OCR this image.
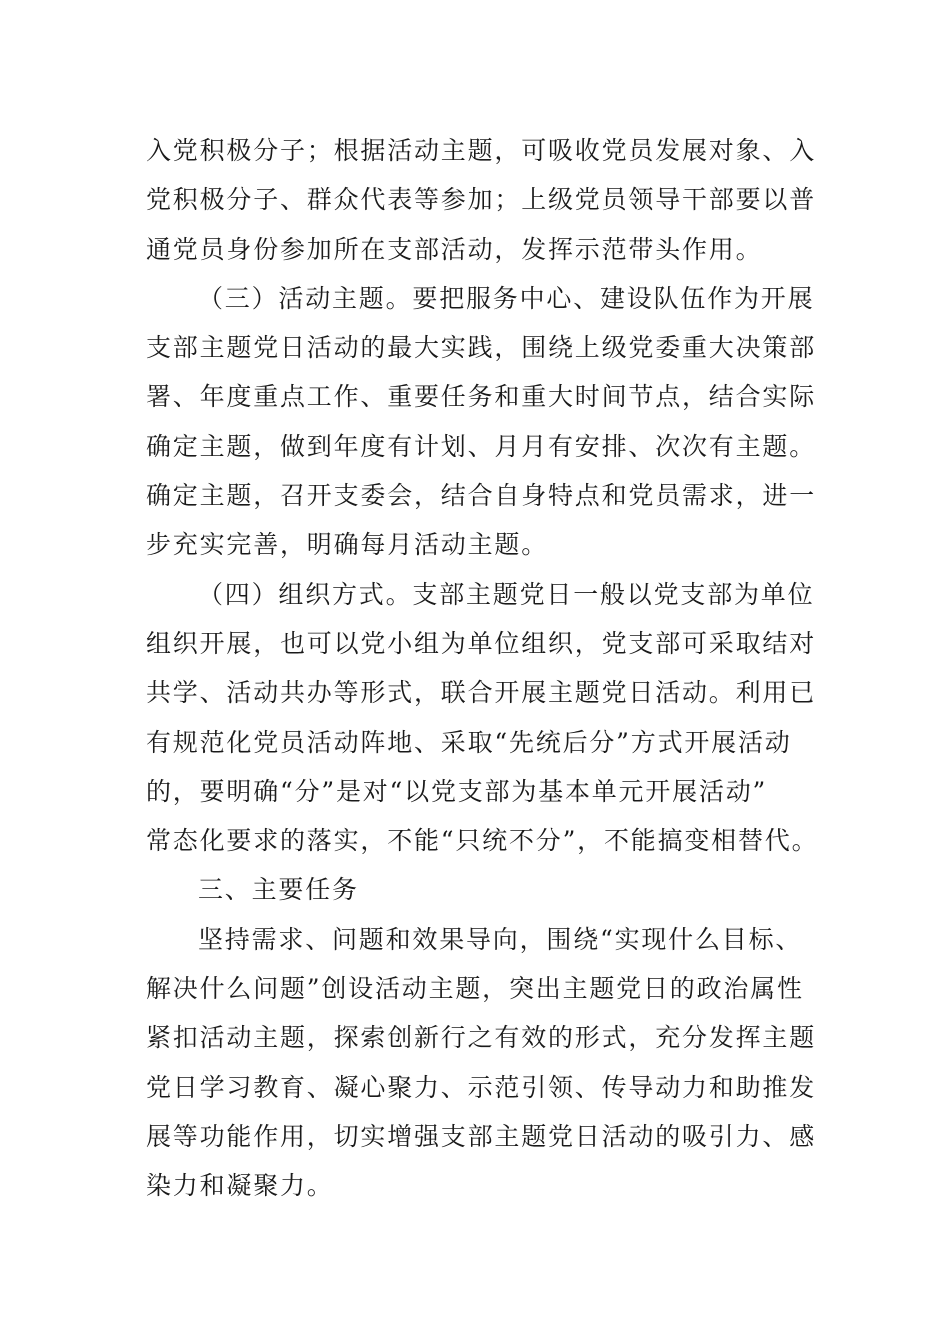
入党积极分子；根据活动主题，可吸收党员发展对象、入
党积极分子、群众代表等参加；上级党员领导干部要以普
通党员身份参加所在支部活动，发挥示范带头作用。
（三）活动主题。要把服务中心、建设队伍作为开展
支部主题党日活动的最大实践，围绕上级党委重大决策部
署、年度重点工作、重要任务和重大时间节点，结合实际
确定主题，做到年度有计划、月月有安排、次次有主题。
确定主题，召开支委会，结合自身特点和党员需求，进一
步充实完善，明确每月活动主题。
（四）组织方式。支部主题党日一般以党支部为单位
组织开展，也可以党小组为单位组织，党支部可采取结对
共学、活动共办等形式，联合开展主题党日活动。利用已
有规范化党员活动阵地、采取“先统后分”方式开展活动
的，要明确“分”是对“以党支部为基本单元开展活动”
常态化要求的落实，不能“只统不分”，不能搞变相替代。
三、主要任务
坚持需求、问题和效果导向，围绕“实现什么目标、
解决什么问题”创设活动主题，突出主题党日的政治属性
紧扣活动主题，探索创新行之有效的形式，充分发挥主题
党日学习教育、凝心聚力、示范引领、传导动力和助推发
展等功能作用，切实增强支部主题党日活动的吸引力、感
染力和凝聚力。
